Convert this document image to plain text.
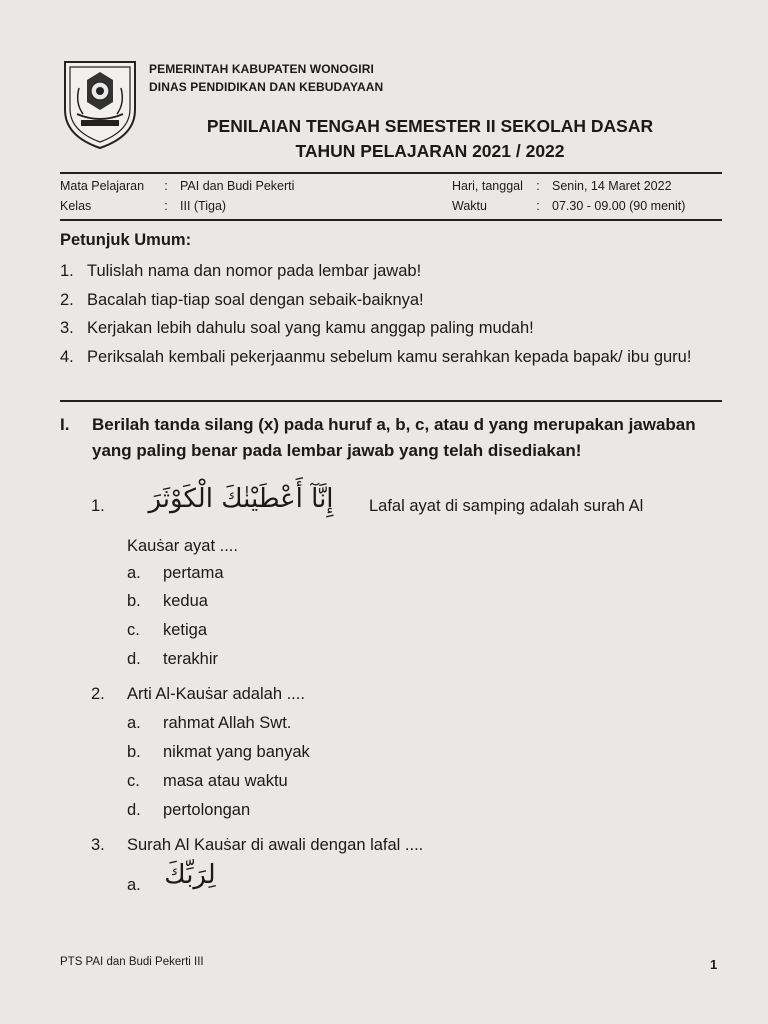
PEMERINTAH KABUPATEN WONOGIRI
DINAS PENDIDIKAN DAN KEBUDAYAAN
PENILAIAN TENGAH SEMESTER II SEKOLAH DASAR
TAHUN PELAJARAN 2021 / 2022
Mata Pelajaran	: PAI dan Budi Pekerti
Kelas	: III (Tiga)
Hari, tanggal	: Senin, 14 Maret 2022
Waktu	: 07.30 - 09.00 (90 menit)
Petunjuk Umum:
1. Tulislah nama dan nomor pada lembar jawab!
2. Bacalah tiap-tiap soal dengan sebaik-baiknya!
3. Kerjakan lebih dahulu soal yang kamu anggap paling mudah!
4. Periksalah kembali pekerjaanmu sebelum kamu serahkan kepada bapak/ ibu guru!
I.	Berilah tanda silang (x) pada huruf a, b, c, atau d yang merupakan jawaban yang paling benar pada lembar jawab yang telah disediakan!
1.	إِنَّآ أَعْطَيْنٰكَ الْكَوْثَرَ	Lafal ayat di samping adalah surah Al
Kauṡar ayat ....
a. pertama
b. kedua
c. ketiga
d. terakhir
2. Arti Al-Kauṡar adalah ....
a. rahmat Allah Swt.
b. nikmat yang banyak
c. masa atau waktu
d. pertolongan
3. Surah Al Kauṡar di awali dengan lafal ....
a. لِرَبِّكَ
PTS PAI dan Budi Pekerti III	1
